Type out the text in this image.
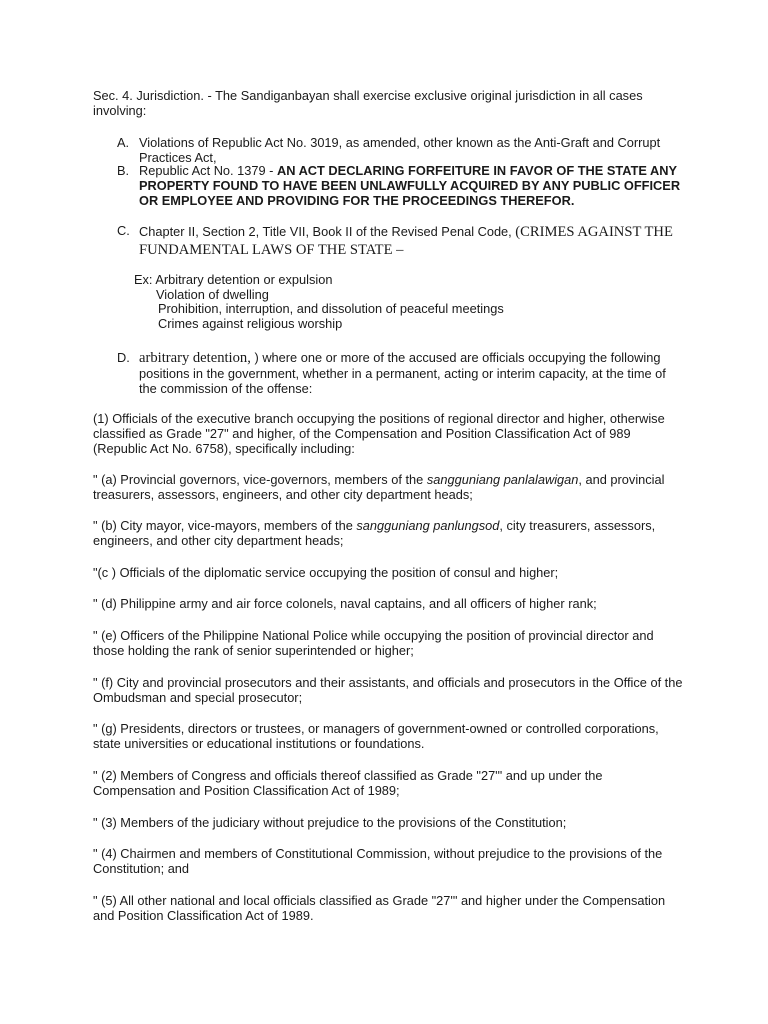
Sec. 4. Jurisdiction. - The Sandiganbayan shall exercise exclusive original jurisdiction in all cases involving:

A. Violations of Republic Act No. 3019, as amended, other known as the Anti-Graft and Corrupt Practices Act,
B. Republic Act No. 1379 - AN ACT DECLARING FORFEITURE IN FAVOR OF THE STATE ANY PROPERTY FOUND TO HAVE BEEN UNLAWFULLY ACQUIRED BY ANY PUBLIC OFFICER OR EMPLOYEE AND PROVIDING FOR THE PROCEEDINGS THEREFOR.
C. Chapter II, Section 2, Title VII, Book II of the Revised Penal Code, (CRIMES AGAINST THE FUNDAMENTAL LAWS OF THE STATE –
Ex: Arbitrary detention or expulsion
Violation of dwelling
Prohibition, interruption, and dissolution of peaceful meetings
Crimes against religious worship
D. arbitrary detention, ) where one or more of the accused are officials occupying the following positions in the government, whether in a permanent, acting or interim capacity, at the time of the commission of the offense:

(1) Officials of the executive branch occupying the positions of regional director and higher, otherwise classified as Grade "27" and higher, of the Compensation and Position Classification Act of 989 (Republic Act No. 6758), specifically including:

" (a) Provincial governors, vice-governors, members of the sangguniang panlalawigan, and provincial treasurers, assessors, engineers, and other city department heads;

" (b) City mayor, vice-mayors, members of the sangguniang panlungsod, city treasurers, assessors, engineers, and other city department heads;

"(c ) Officials of the diplomatic service occupying the position of consul and higher;

" (d) Philippine army and air force colonels, naval captains, and all officers of higher rank;

" (e) Officers of the Philippine National Police while occupying the position of provincial director and those holding the rank of senior superintended or higher;

" (f) City and provincial prosecutors and their assistants, and officials and prosecutors in the Office of the Ombudsman and special prosecutor;

" (g) Presidents, directors or trustees, or managers of government-owned or controlled corporations, state universities or educational institutions or foundations.

" (2) Members of Congress and officials thereof classified as Grade "27'" and up under the Compensation and Position Classification Act of 1989;

" (3) Members of the judiciary without prejudice to the provisions of the Constitution;

" (4) Chairmen and members of Constitutional Commission, without prejudice to the provisions of the Constitution; and

" (5) All other national and local officials classified as Grade "27'" and higher under the Compensation and Position Classification Act of 1989.
